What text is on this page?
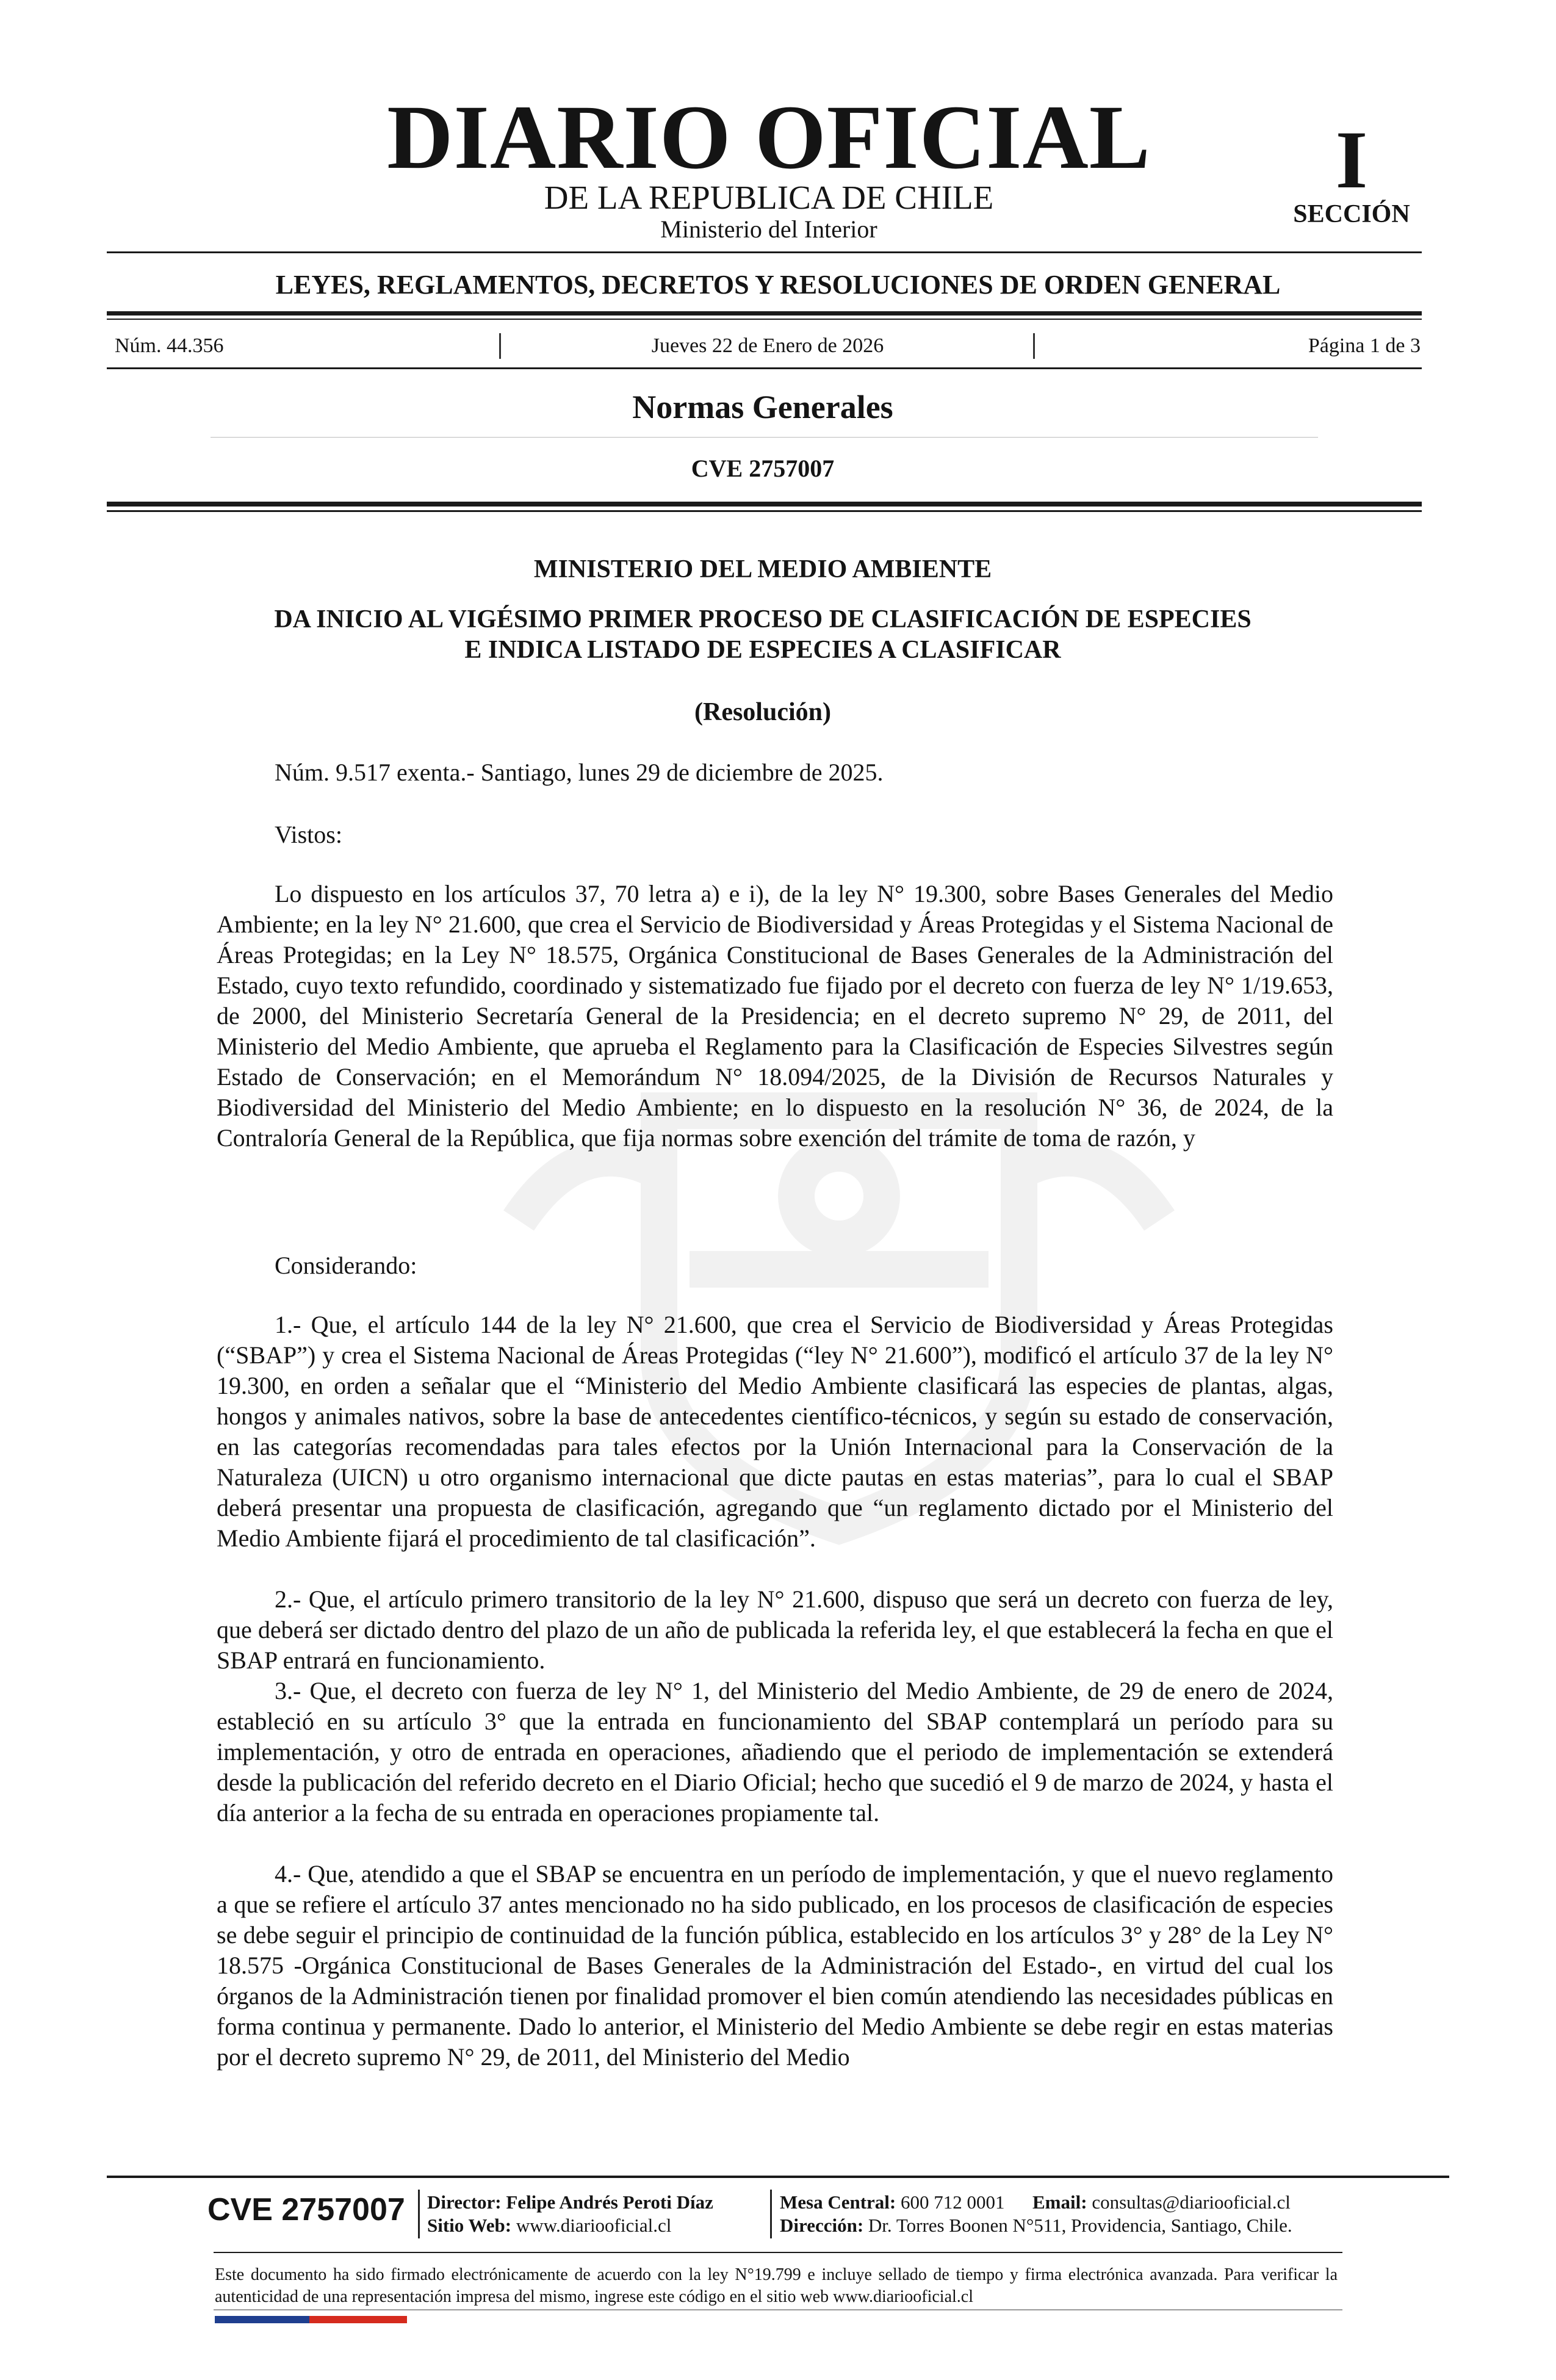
DIARIO OFICIAL
DE LA REPUBLICA DE CHILE
Ministerio del Interior
I
SECCIÓN
LEYES, REGLAMENTOS, DECRETOS Y RESOLUCIONES DE ORDEN GENERAL
Núm. 44.356	Jueves 22 de Enero de 2026	Página 1 de 3
Normas Generales
CVE 2757007
MINISTERIO DEL MEDIO AMBIENTE
DA INICIO AL VIGÉSIMO PRIMER PROCESO DE CLASIFICACIÓN DE ESPECIES
E INDICA LISTADO DE ESPECIES A CLASIFICAR
(Resolución)
Núm. 9.517 exenta.- Santiago, lunes 29 de diciembre de 2025.
Vistos:
Lo dispuesto en los artículos 37, 70 letra a) e i), de la ley N° 19.300, sobre Bases Generales del Medio Ambiente; en la ley N° 21.600, que crea el Servicio de Biodiversidad y Áreas Protegidas y el Sistema Nacional de Áreas Protegidas; en la Ley N° 18.575, Orgánica Constitucional de Bases Generales de la Administración del Estado, cuyo texto refundido, coordinado y sistematizado fue fijado por el decreto con fuerza de ley N° 1/19.653, de 2000, del Ministerio Secretaría General de la Presidencia; en el decreto supremo N° 29, de 2011, del Ministerio del Medio Ambiente, que aprueba el Reglamento para la Clasificación de Especies Silvestres según Estado de Conservación; en el Memorándum N° 18.094/2025, de la División de Recursos Naturales y Biodiversidad del Ministerio del Medio Ambiente; en lo dispuesto en la resolución N° 36, de 2024, de la Contraloría General de la República, que fija normas sobre exención del trámite de toma de razón, y
Considerando:
1.- Que, el artículo 144 de la ley N° 21.600, que crea el Servicio de Biodiversidad y Áreas Protegidas (“SBAP”) y crea el Sistema Nacional de Áreas Protegidas (“ley N° 21.600”), modificó el artículo 37 de la ley N° 19.300, en orden a señalar que el “Ministerio del Medio Ambiente clasificará las especies de plantas, algas, hongos y animales nativos, sobre la base de antecedentes científico-técnicos, y según su estado de conservación, en las categorías recomendadas para tales efectos por la Unión Internacional para la Conservación de la Naturaleza (UICN) u otro organismo internacional que dicte pautas en estas materias”, para lo cual el SBAP deberá presentar una propuesta de clasificación, agregando que “un reglamento dictado por el Ministerio del Medio Ambiente fijará el procedimiento de tal clasificación”.
2.- Que, el artículo primero transitorio de la ley N° 21.600, dispuso que será un decreto con fuerza de ley, que deberá ser dictado dentro del plazo de un año de publicada la referida ley, el que establecerá la fecha en que el SBAP entrará en funcionamiento.
3.- Que, el decreto con fuerza de ley N° 1, del Ministerio del Medio Ambiente, de 29 de enero de 2024, estableció en su artículo 3° que la entrada en funcionamiento del SBAP contemplará un período para su implementación, y otro de entrada en operaciones, añadiendo que el periodo de implementación se extenderá desde la publicación del referido decreto en el Diario Oficial; hecho que sucedió el 9 de marzo de 2024, y hasta el día anterior a la fecha de su entrada en operaciones propiamente tal.
4.- Que, atendido a que el SBAP se encuentra en un período de implementación, y que el nuevo reglamento a que se refiere el artículo 37 antes mencionado no ha sido publicado, en los procesos de clasificación de especies se debe seguir el principio de continuidad de la función pública, establecido en los artículos 3° y 28° de la Ley N° 18.575 -Orgánica Constitucional de Bases Generales de la Administración del Estado-, en virtud del cual los órganos de la Administración tienen por finalidad promover el bien común atendiendo las necesidades públicas en forma continua y permanente. Dado lo anterior, el Ministerio del Medio Ambiente se debe regir en estas materias por el decreto supremo N° 29, de 2011, del Ministerio del Medio
CVE 2757007 Director: Felipe Andrés Peroti Díaz
Sitio Web: www.diariooficial.cl
Mesa Central: 600 712 0001 Email: consultas@diariooficial.cl
Dirección: Dr. Torres Boonen N°511, Providencia, Santiago, Chile.
Este documento ha sido firmado electrónicamente de acuerdo con la ley N°19.799 e incluye sellado de tiempo y firma electrónica avanzada. Para verificar la autenticidad de una representación impresa del mismo, ingrese este código en el sitio web www.diariooficial.cl
